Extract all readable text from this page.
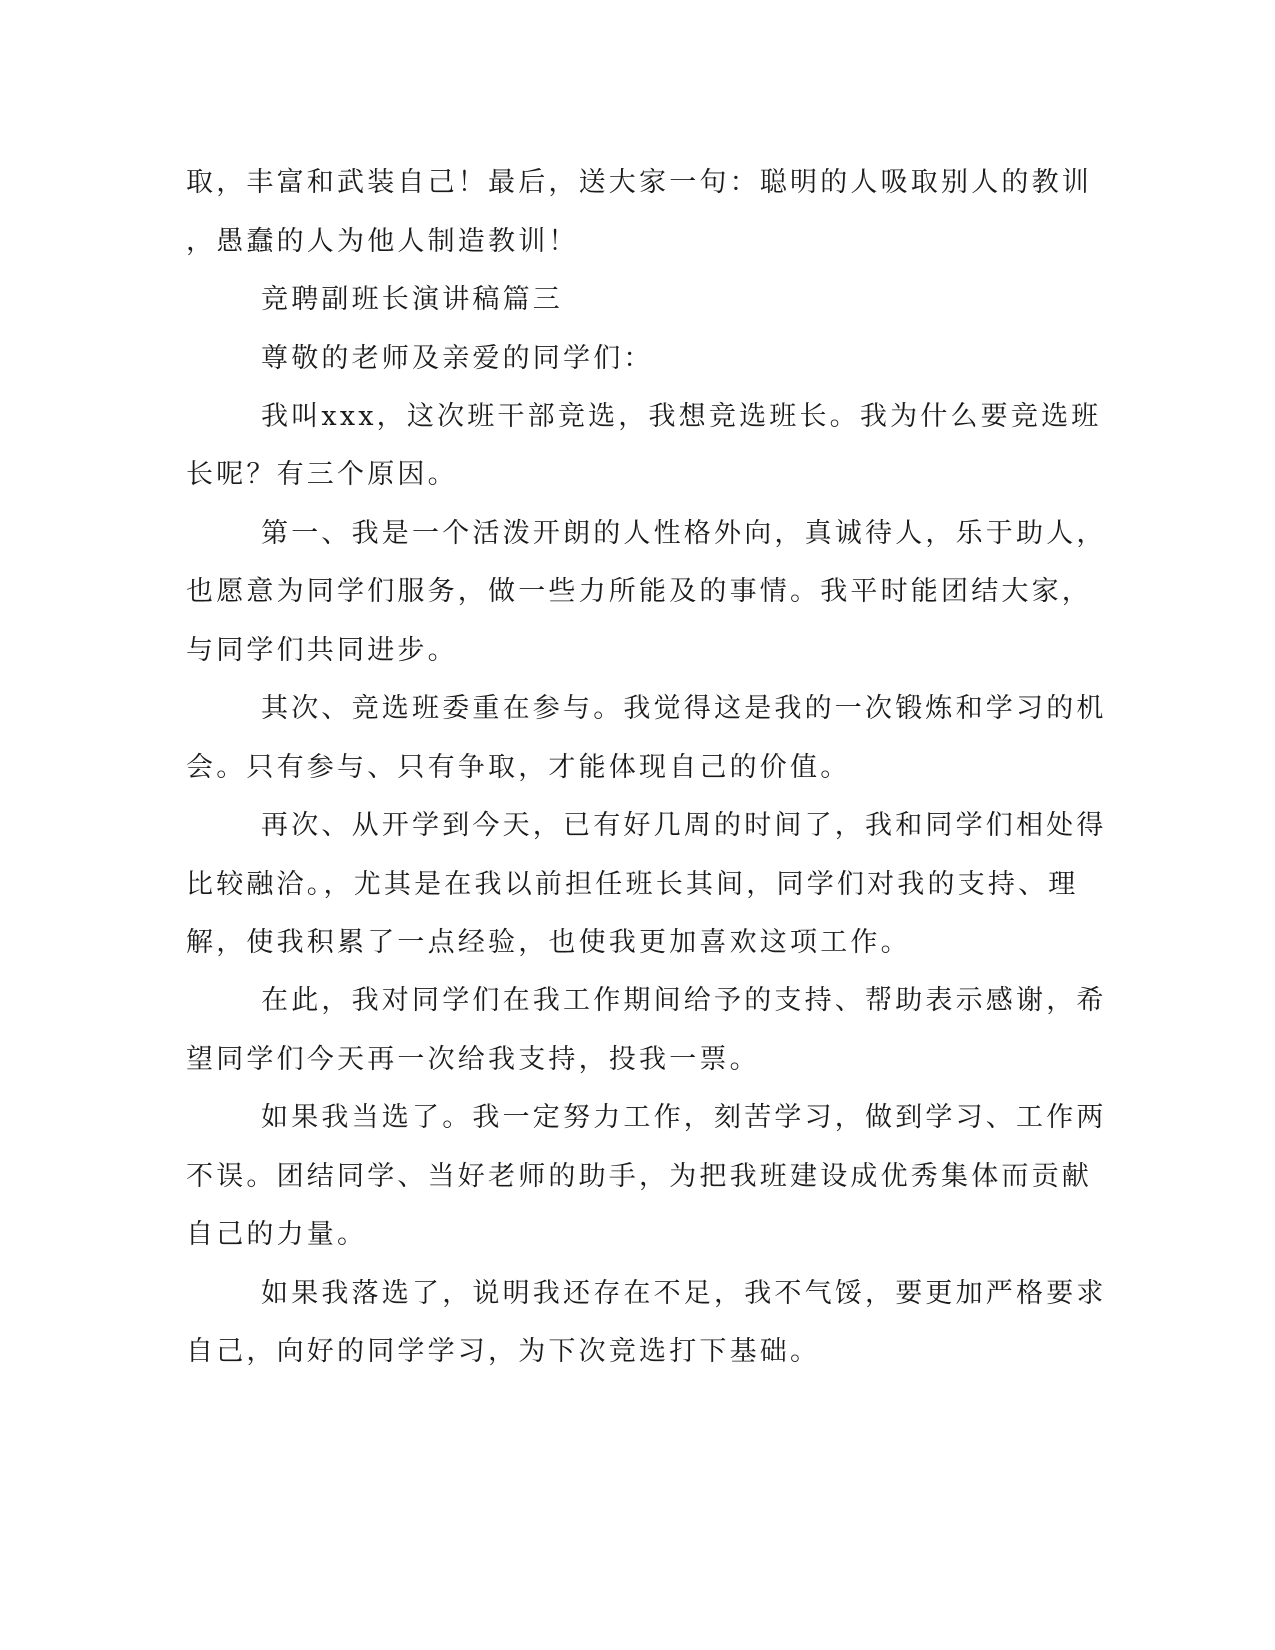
取，丰富和武装自己！最后，送大家一句：聪明的人吸取别人的教训
，愚蠢的人为他人制造教训！
竞聘副班长演讲稿篇三
尊敬的老师及亲爱的同学们：
我叫xxx，这次班干部竞选，我想竞选班长。我为什么要竞选班
长呢？有三个原因。
第一、我是一个活泼开朗的人性格外向，真诚待人，乐于助人，
也愿意为同学们服务，做一些力所能及的事情。我平时能团结大家，
与同学们共同进步。
其次、竞选班委重在参与。我觉得这是我的一次锻炼和学习的机
会。只有参与、只有争取，才能体现自己的价值。
再次、从开学到今天，已有好几周的时间了，我和同学们相处得
比较融洽。，尤其是在我以前担任班长其间，同学们对我的支持、理
解，使我积累了一点经验，也使我更加喜欢这项工作。
在此，我对同学们在我工作期间给予的支持、帮助表示感谢，希
望同学们今天再一次给我支持，投我一票。
如果我当选了。我一定努力工作，刻苦学习，做到学习、工作两
不误。团结同学、当好老师的助手，为把我班建设成优秀集体而贡献
自己的力量。
如果我落选了，说明我还存在不足，我不气馁，要更加严格要求
自己，向好的同学学习，为下次竞选打下基础。
